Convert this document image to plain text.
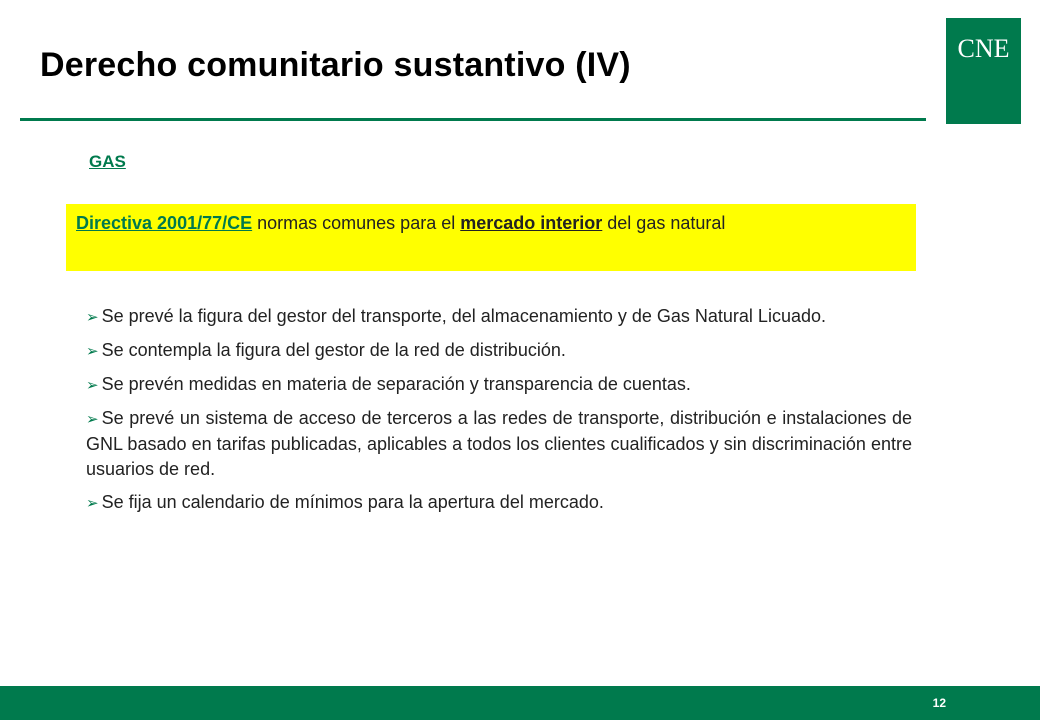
Derecho comunitario sustantivo (IV)	CNE
GAS
Directiva 2001/77/CE normas comunes para el mercado interior del gas natural
➢ Se prevé la figura del gestor del transporte, del almacenamiento y de Gas Natural Licuado.
➢ Se contempla la figura del gestor de la red de distribución.
➢ Se prevén medidas en materia de separación y transparencia de cuentas.
➢ Se prevé un sistema de acceso de terceros a las redes de transporte, distribución e instalaciones de GNL basado en tarifas publicadas, aplicables a todos los clientes cualificados y sin discriminación entre usuarios de red.
➢ Se fija un calendario de mínimos para la apertura del mercado.
12
